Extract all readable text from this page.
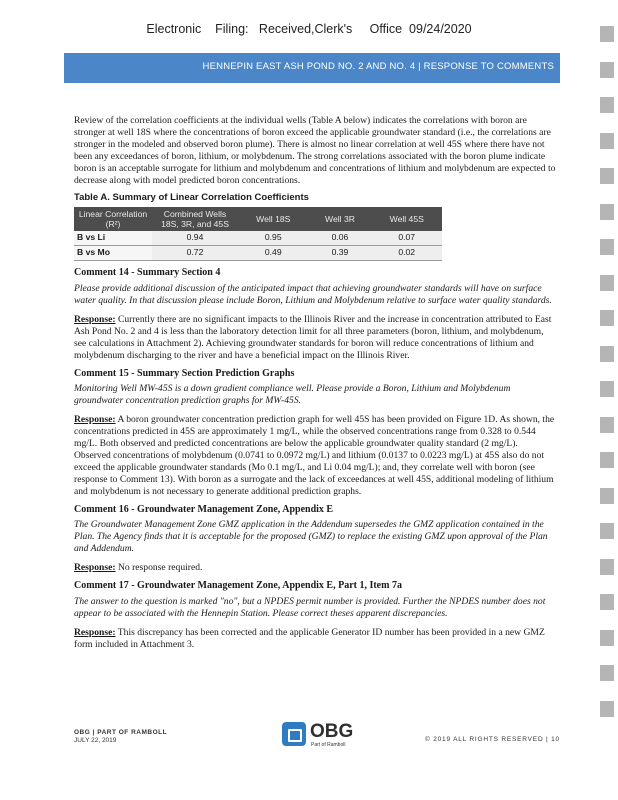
Electronic    Filing:   Received,Clerk's     Office  09/24/2020
HENNEPIN EAST ASH POND NO. 2 AND NO. 4 | RESPONSE TO COMMENTS

Review of the correlation coefficients at the individual wells (Table A below) indicates the correlations with boron are stronger at well 18S where the concentrations of boron exceed the applicable groundwater standard (i.e., the correlations are stronger in the modeled and observed boron plume). There is almost no linear correlation at well 45S where there have not been any exceedances of boron, lithium, or molybdenum. The strong correlations associated with the boron plume indicate boron is an acceptable surrogate for lithium and molybdenum and concentrations of lithium and molybdenum are expected to decrease along with model predicted boron concentrations.

Table A. Summary of Linear Correlation Coefficients
Linear Correlation (R²)	Combined Wells 18S, 3R, and 45S	Well 18S	Well 3R	Well 45S
B vs Li	0.94	0.95	0.06	0.07
B vs Mo	0.72	0.49	0.39	0.02
Comment 14 - Summary Section 4

Please provide additional discussion of the anticipated impact that achieving groundwater standards will have on surface water quality. In that discussion please include Boron, Lithium and Molybdenum relative to surface water quality standards.

Response: Currently there are no significant impacts to the Illinois River and the increase in concentration attributed to East Ash Pond No. 2 and 4 is less than the laboratory detection limit for all three parameters (boron, lithium, and molybdenum, see calculations in Attachment 2). Achieving groundwater standards for boron will reduce concentrations of lithium and molybdenum discharging to the river and have a beneficial impact on the Illinois River.

Comment 15 - Summary Section Prediction Graphs

Monitoring Well MW-45S is a down gradient compliance well. Please provide a Boron, Lithium and Molybdenum groundwater concentration prediction graphs for MW-45S.

Response: A boron groundwater concentration prediction graph for well 45S has been provided on Figure 1D. As shown, the concentrations predicted in 45S are approximately 1 mg/L, while the observed concentrations range from 0.328 to 0.544 mg/L. Both observed and predicted concentrations are below the applicable groundwater quality standard (2 mg/L). Observed concentrations of molybdenum (0.0741 to 0.0972 mg/L) and lithium (0.0137 to 0.0223 mg/L) at 45S also do not exceed the applicable groundwater standards (Mo 0.1 mg/L, and Li 0.04 mg/L); and, they correlate well with boron (see response to Comment 13). With boron as a surrogate and the lack of exceedances at well 45S, additional modeling of lithium and molybdenum is not necessary to generate additional prediction graphs.

Comment 16 - Groundwater Management Zone, Appendix E

The Groundwater Management Zone GMZ application in the Addendum supersedes the GMZ application contained in the Plan. The Agency finds that it is acceptable for the proposed (GMZ) to replace the existing GMZ upon approval of the Plan and Addendum.

Response: No response required.

Comment 17 - Groundwater Management Zone, Appendix E, Part 1, Item 7a

The answer to the question is marked "no", but a NPDES permit number is provided. Further the NPDES number does not appear to be associated with the Hennepin Station. Please correct theses apparent discrepancies.

Response: This discrepancy has been corrected and the applicable Generator ID number has been provided in a new GMZ form included in Attachment 3.

OBG | PART OF RAMBOLL
JULY 22, 2019	OBG
Part of Ramboll
© 2019 ALL RIGHTS RESERVED | 10
